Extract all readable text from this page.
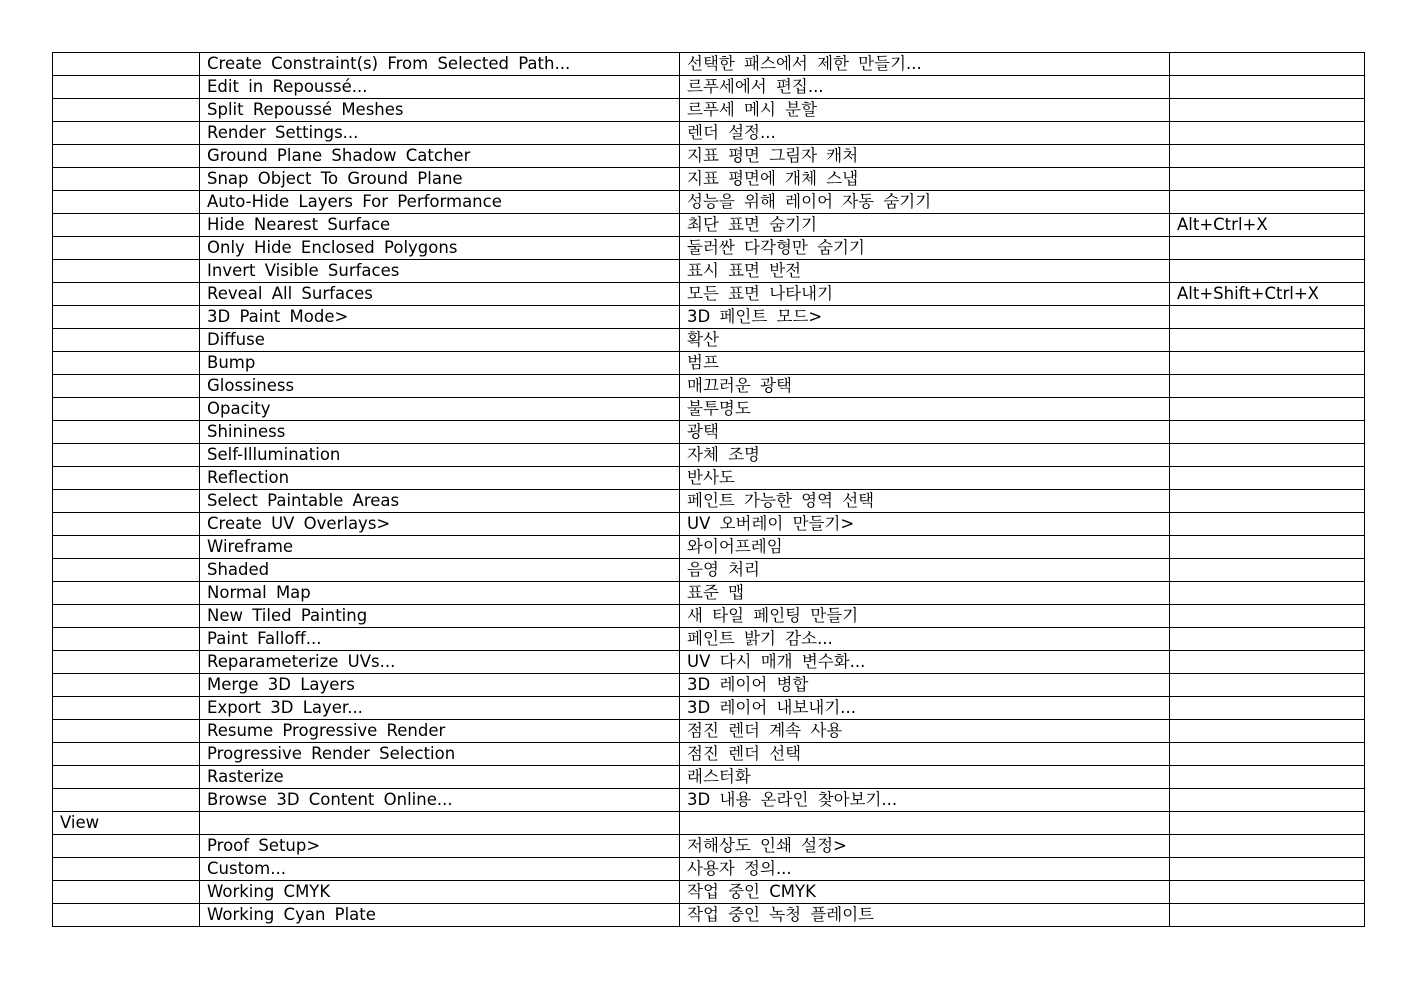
	Create Constraint(s) From Selected Path...	선택한 패스에서 제한 만들기...	
	Edit in Repoussé...	르푸세에서 편집...	
	Split Repoussé Meshes	르푸세 메시 분할	
	Render Settings...	렌더 설정...	
	Ground Plane Shadow Catcher	지표 평면 그림자 캐처	
	Snap Object To Ground Plane	지표 평면에 개체 스냅	
	Auto-Hide Layers For Performance	성능을 위해 레이어 자동 숨기기	
	Hide Nearest Surface	최단 표면 숨기기	Alt+Ctrl+X
	Only Hide Enclosed Polygons	둘러싼 다각형만 숨기기	
	Invert Visible Surfaces	표시 표면 반전	
	Reveal All Surfaces	모든 표면 나타내기	Alt+Shift+Ctrl+X
	3D Paint Mode>	3D 페인트 모드>	
	Diffuse	확산	
	Bump	범프	
	Glossiness	매끄러운 광택	
	Opacity	불투명도	
	Shininess	광택	
	Self-Illumination	자체 조명	
	Reflection	반사도	
	Select Paintable Areas	페인트 가능한 영역 선택	
	Create UV Overlays>	UV 오버레이 만들기>	
	Wireframe	와이어프레임	
	Shaded	음영 처리	
	Normal Map	표준 맵	
	New Tiled Painting	새 타일 페인팅 만들기	
	Paint Falloff...	페인트 밝기 감소...	
	Reparameterize UVs...	UV 다시 매개 변수화...	
	Merge 3D Layers	3D 레이어 병합	
	Export 3D Layer...	3D 레이어 내보내기...	
	Resume Progressive Render	점진 렌더 계속 사용	
	Progressive Render Selection	점진 렌더 선택	
	Rasterize	래스터화	
	Browse 3D Content Online...	3D 내용 온라인 찾아보기...	
View			
	Proof Setup>	저해상도 인쇄 설정>	
	Custom...	사용자 정의...	
	Working CMYK	작업 중인 CMYK	
	Working Cyan Plate	작업 중인 녹청 플레이트	
